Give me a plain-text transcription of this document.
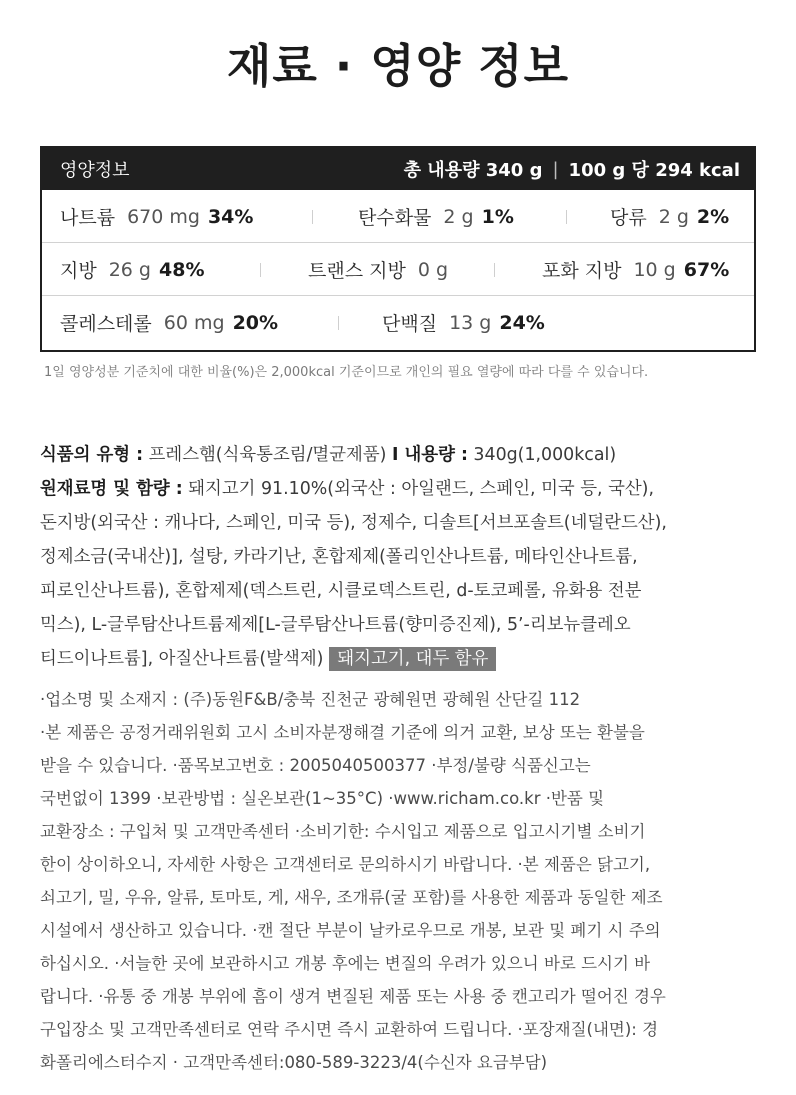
재료 · 영양 정보
영양정보	총 내용량 340 g | 100 g 당 294 kcal
나트륨 670 mg 34%	탄수화물 2 g 1%	당류 2 g 2%
지방 26 g 48%	트랜스 지방 0 g	포화 지방 10 g 67%
콜레스테롤 60 mg 20%	단백질 13 g 24%

1일 영양성분 기준치에 대한 비율(%)은 2,000kcal 기준이므로 개인의 필요 열량에 따라 다를 수 있습니다.

식품의 유형 : 프레스햄(식육통조림/멸균제품) I 내용량 : 340g(1,000kcal)
원재료명 및 함량 : 돼지고기 91.10%(외국산 : 아일랜드, 스페인, 미국 등, 국산),
돈지방(외국산 : 캐나다, 스페인, 미국 등), 정제수, 디솔트[서브포솔트(네덜란드산),
정제소금(국내산)], 설탕, 카라기난, 혼합제제(폴리인산나트륨, 메타인산나트륨,
피로인산나트륨), 혼합제제(덱스트린, 시클로덱스트린, d-토코페롤, 유화용 전분
믹스), L-글루탐산나트륨제제[L-글루탐산나트륨(향미증진제), 5’-리보뉴클레오
티드이나트륨], 아질산나트륨(발색제) 돼지고기, 대두 함유
·업소명 및 소재지 : (주)동원F&B/충북 진천군 광혜원면 광혜원 산단길 112
·본 제품은 공정거래위원회 고시 소비자분쟁해결 기준에 의거 교환, 보상 또는 환불을
받을 수 있습니다. ·품목보고번호 : 2005040500377 ·부정/불량 식품신고는
국번없이 1399 ·보관방법 : 실온보관(1~35°C) ·www.richam.co.kr ·반품 및
교환장소 : 구입처 및 고객만족센터 ·소비기한: 수시입고 제품으로 입고시기별 소비기
한이 상이하오니, 자세한 사항은 고객센터로 문의하시기 바랍니다. ·본 제품은 닭고기,
쇠고기, 밀, 우유, 알류, 토마토, 게, 새우, 조개류(굴 포함)를 사용한 제품과 동일한 제조
시설에서 생산하고 있습니다. ·캔 절단 부분이 날카로우므로 개봉, 보관 및 폐기 시 주의
하십시오. ·서늘한 곳에 보관하시고 개봉 후에는 변질의 우려가 있으니 바로 드시기 바
랍니다. ·유통 중 개봉 부위에 흠이 생겨 변질된 제품 또는 사용 중 캔고리가 떨어진 경우
구입장소 및 고객만족센터로 연락 주시면 즉시 교환하여 드립니다. ·포장재질(내면): 경
화폴리에스터수지 · 고객만족센터:080-589-3223/4(수신자 요금부담)
